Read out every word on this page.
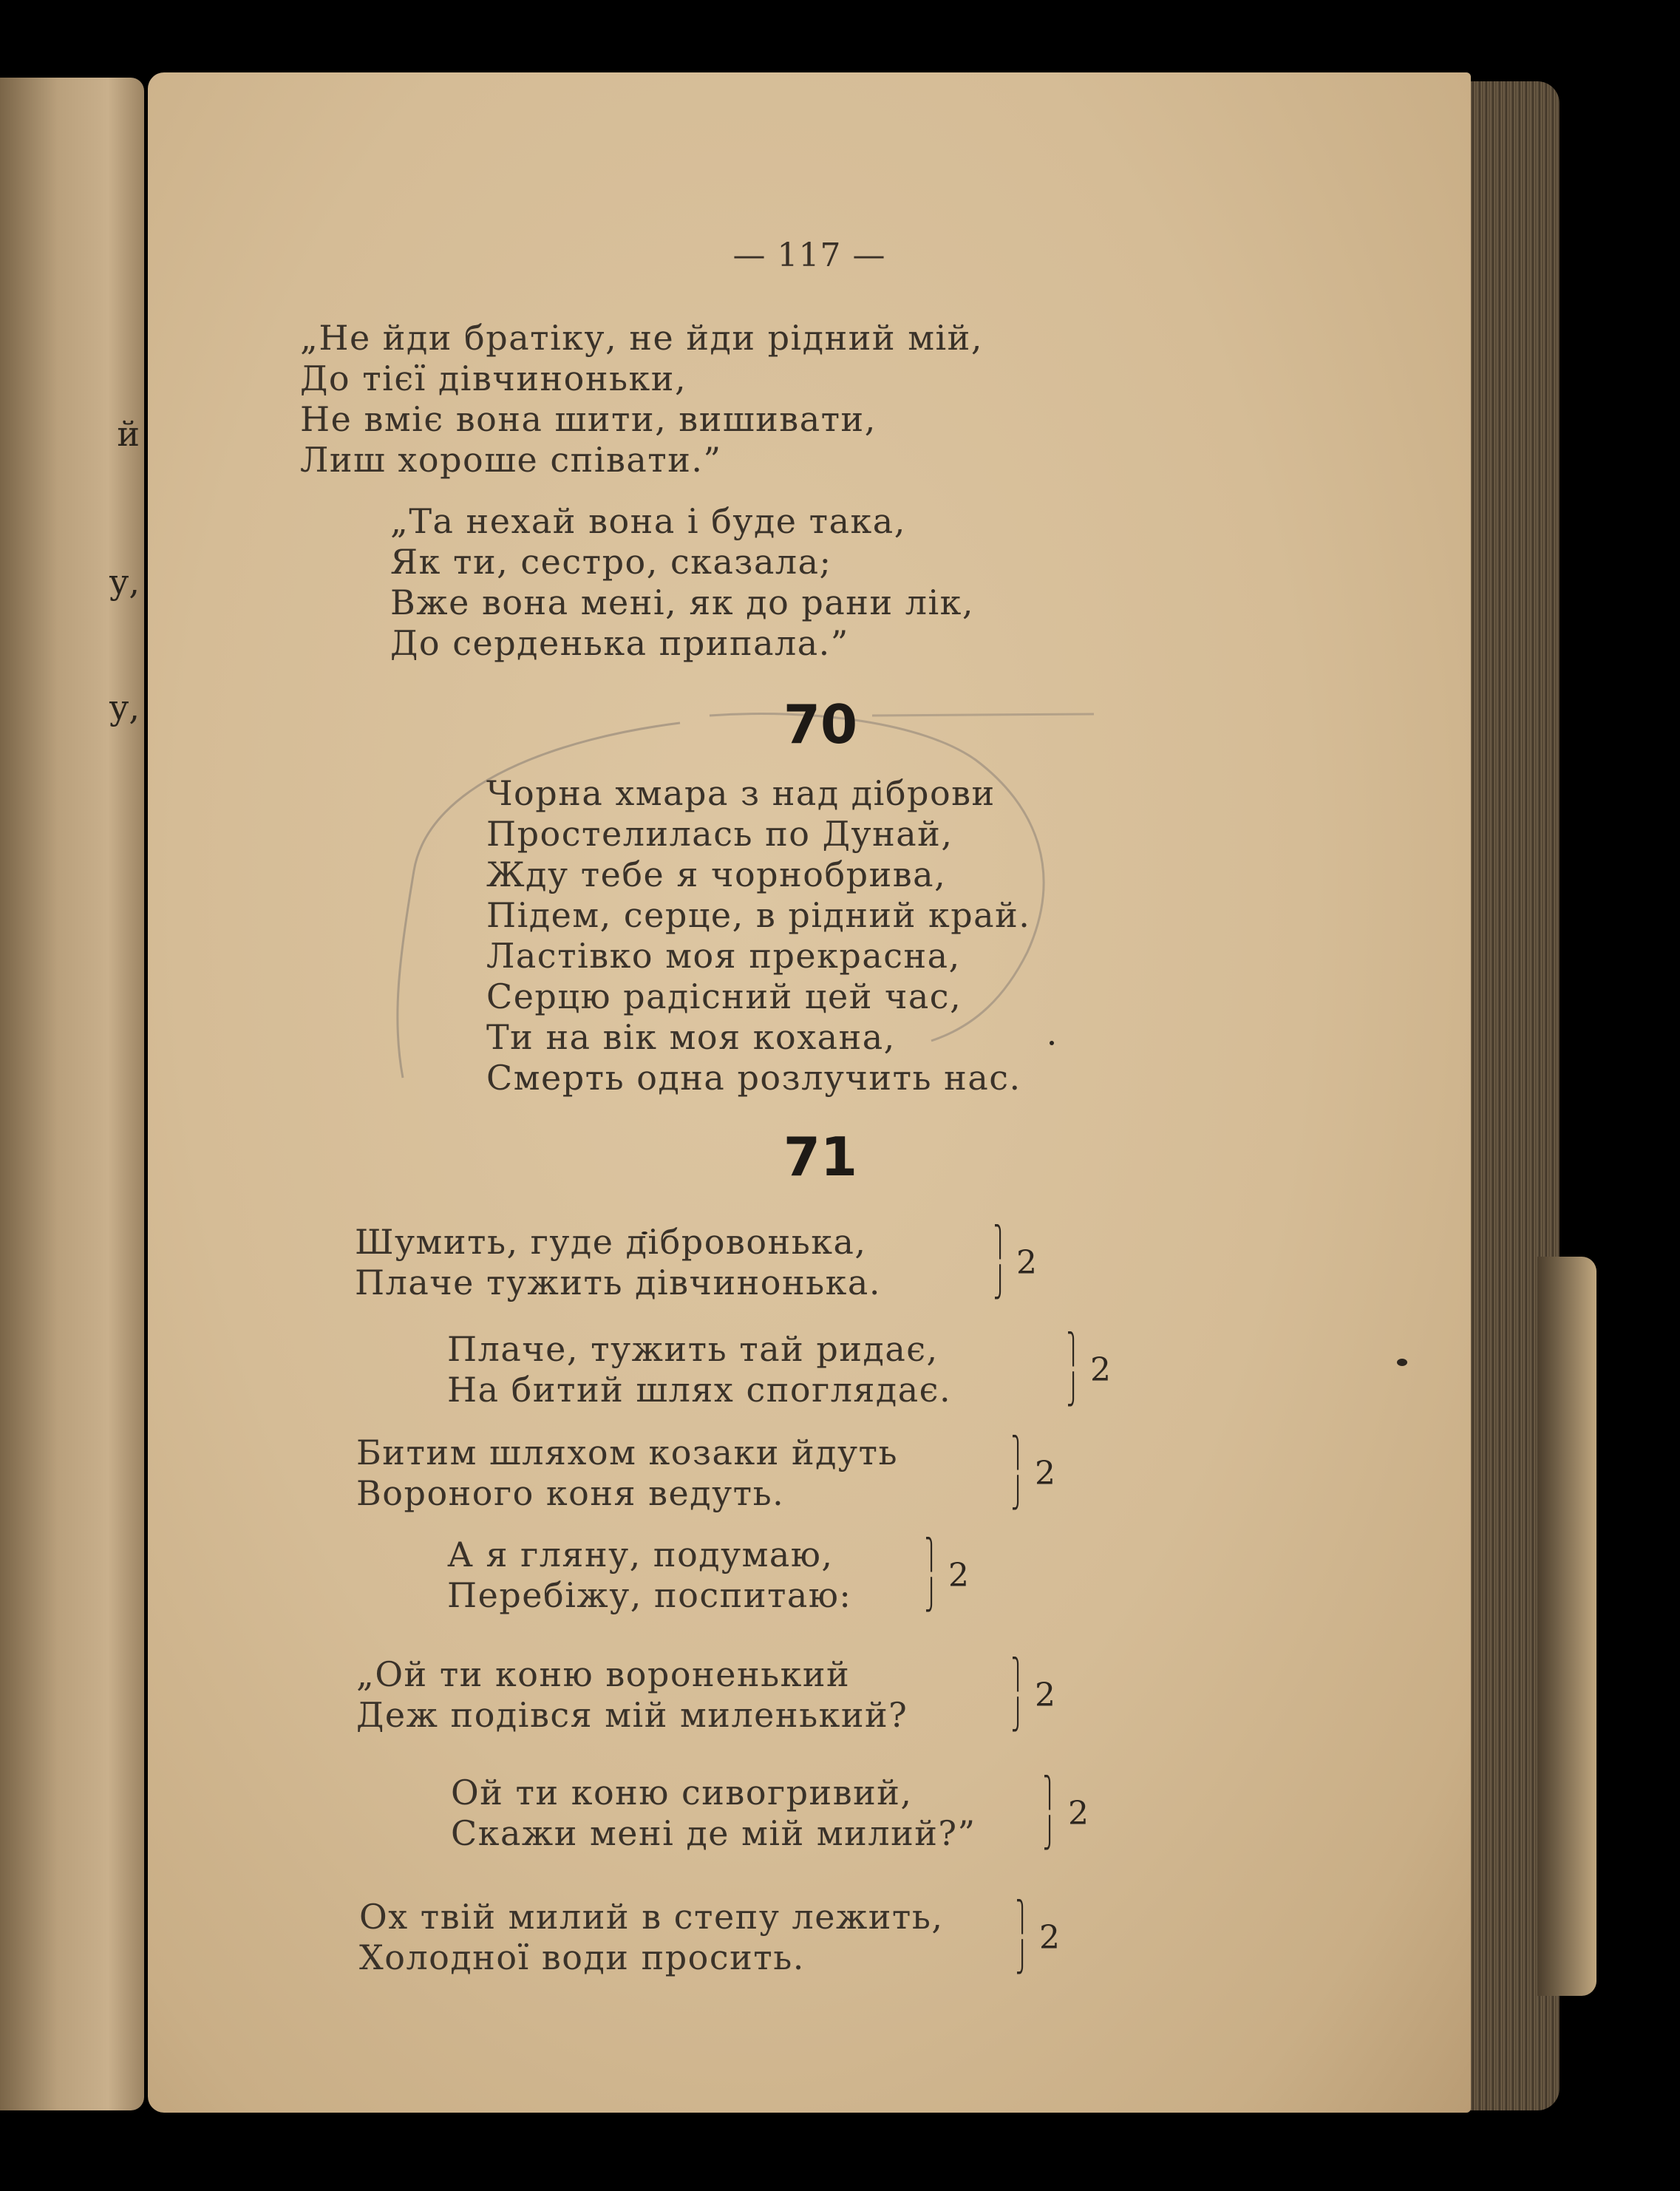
й
у,
у,
— 117 —
„Не йди братіку, не йди рідний мій,
До тієї дівчиноньки,
Не вміє вона шити, вишивати,
Лиш хороше співати.”
„Та нехай вона і буде така,
Як ти, сестро, сказала;
Вже вона мені, як до рани лік,
До серденька припала.”
70
Чорна хмара з над діброви
Простелилась по Дунай,
Жду тебе я чорнобрива,
Підем, серце, в рідний край.
Ластівко моя прекрасна,
Серцю радісний цей час,
Ти на вік моя кохана,
Смерть одна розлучить нас.
71
Шумить, гуде дібровонька,
Плаче тужить дівчинонька.
⎫
⎭
2
Плаче, тужить тай ридає,
На битий шлях споглядає.
⎫
⎭
2
Битим шляхом козаки йдуть
Вороного коня ведуть.
⎫
⎭
2
А я гляну, подумаю,
Перебіжу, поспитаю:
⎫
⎭
2
„Ой ти коню вороненький
Деж подівся мій миленький?
⎫
⎭
2
Ой ти коню сивогривий,
Скажи мені де мій милий?”
⎫
⎭
2
Ох твій милий в степу лежить,
Холодної води просить.
⎫
⎭
2
